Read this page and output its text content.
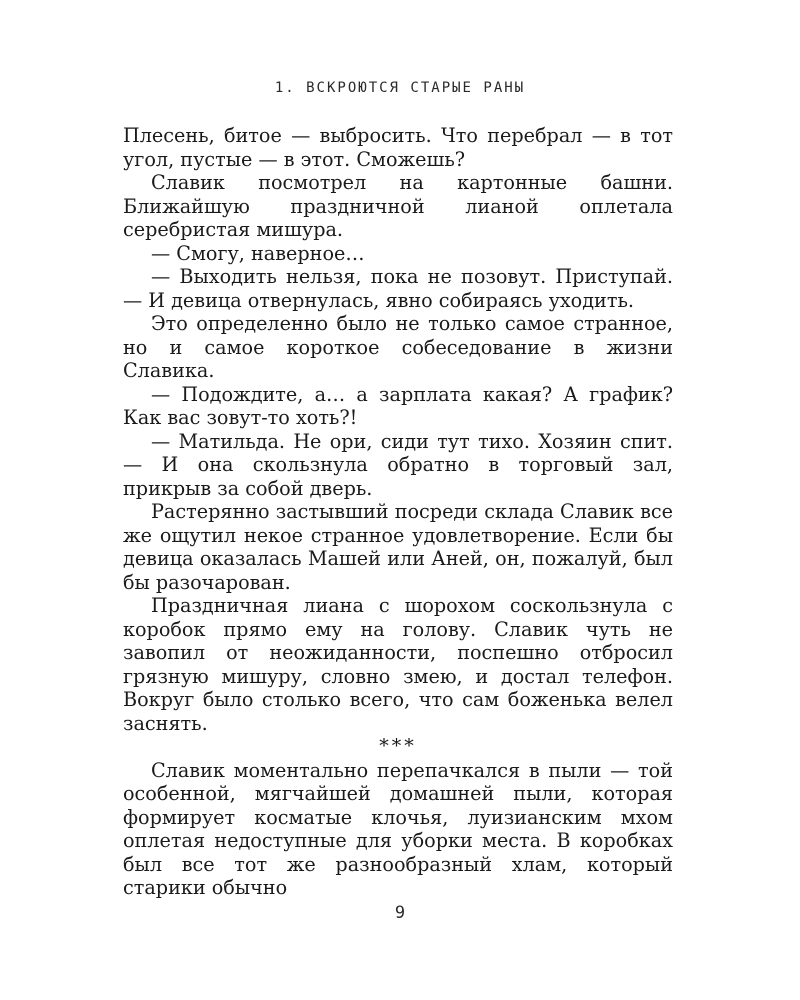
1. ВСКРОЮТСЯ СТАРЫЕ РАНЫ

Плесень, битое — выбросить. Что перебрал — в тот угол, пустые — в этот. Сможешь?

Славик посмотрел на картонные башни. Ближайшую праздничной лианой оплетала серебристая мишура.

— Смогу, наверное…

— Выходить нельзя, пока не позовут. Приступай.— И девица отвернулась, явно собираясь уходить.

Это определенно было не только самое странное, но и самое короткое собеседование в жизни Славика.

— Подождите, а… а зарплата какая? А график? Как вас зовут-то хоть?!

— Матильда. Не ори, сиди тут тихо. Хозяин спит.— И она скользнула обратно в торговый зал, прикрыв за собой дверь.

Растерянно застывший посреди склада Славик все же ощутил некое странное удовлетворение. Если бы девица оказалась Машей или Аней, он, пожалуй, был бы разочарован.

Праздничная лиана с шорохом соскользнула с коробок прямо ему на голову. Славик чуть не завопил от неожиданности, поспешно отбросил грязную мишуру, словно змею, и достал телефон. Вокруг было столько всего, что сам боженька велел заснять.

***

Славик моментально перепачкался в пыли — той особенной, мягчайшей домашней пыли, которая формирует косматые клочья, луизианским мхом оплетая недоступные для уборки места. В коробках был все тот же разнообразный хлам, который старики обычно

9
